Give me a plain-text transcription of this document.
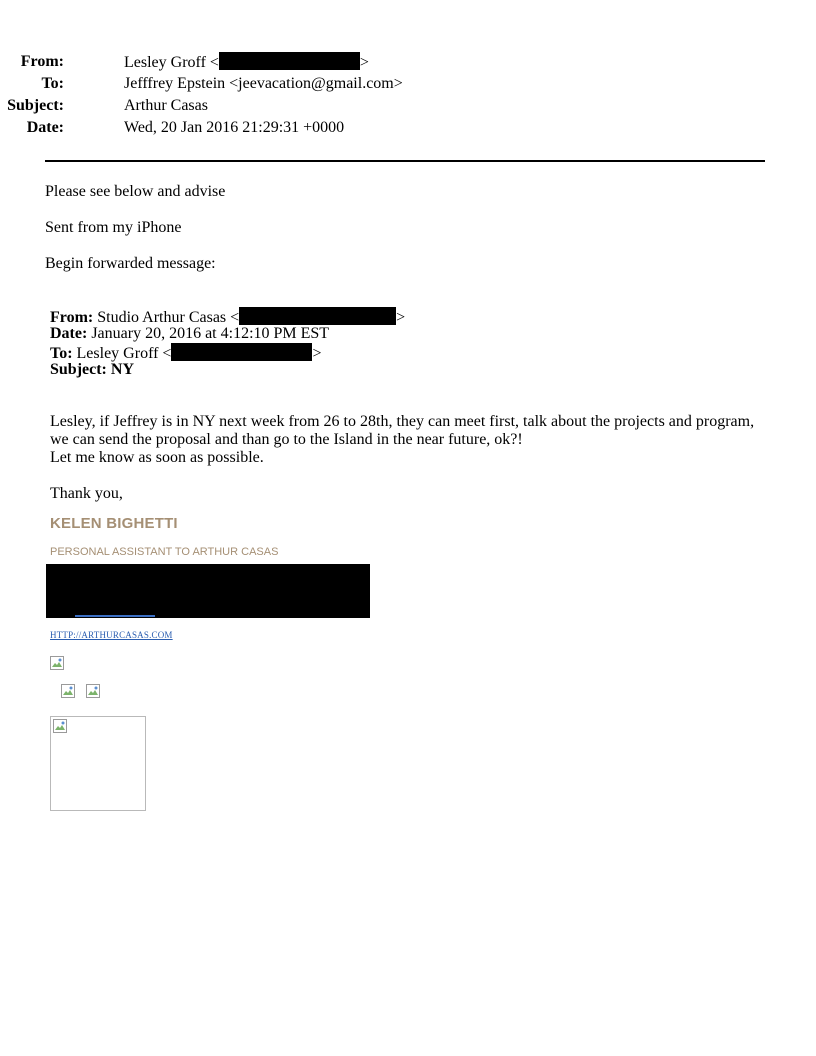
From:	Lesley Groff <	>
To:	Jefffrey Epstein <jeevacation@gmail.com>
Subject:	Arthur Casas
Date:	Wed, 20 Jan 2016 21:29:31 +0000
Please see below and advise
Sent from my iPhone
Begin forwarded message:
From: Studio Arthur Casas <	>
Date: January 20, 2016 at 4:12:10 PM EST
To: Lesley Groff <	>
Subject: NY
Lesley, if Jeffrey is in NY next week from 26 to 28th, they can meet first, talk about the projects and program,
we can send the proposal and than go to the Island in the near future, ok?!
Let me know as soon as possible.
Thank you,
KELEN BIGHETTI
PERSONAL ASSISTANT TO ARTHUR CASAS
HTTP://ARTHURCASAS.COM
